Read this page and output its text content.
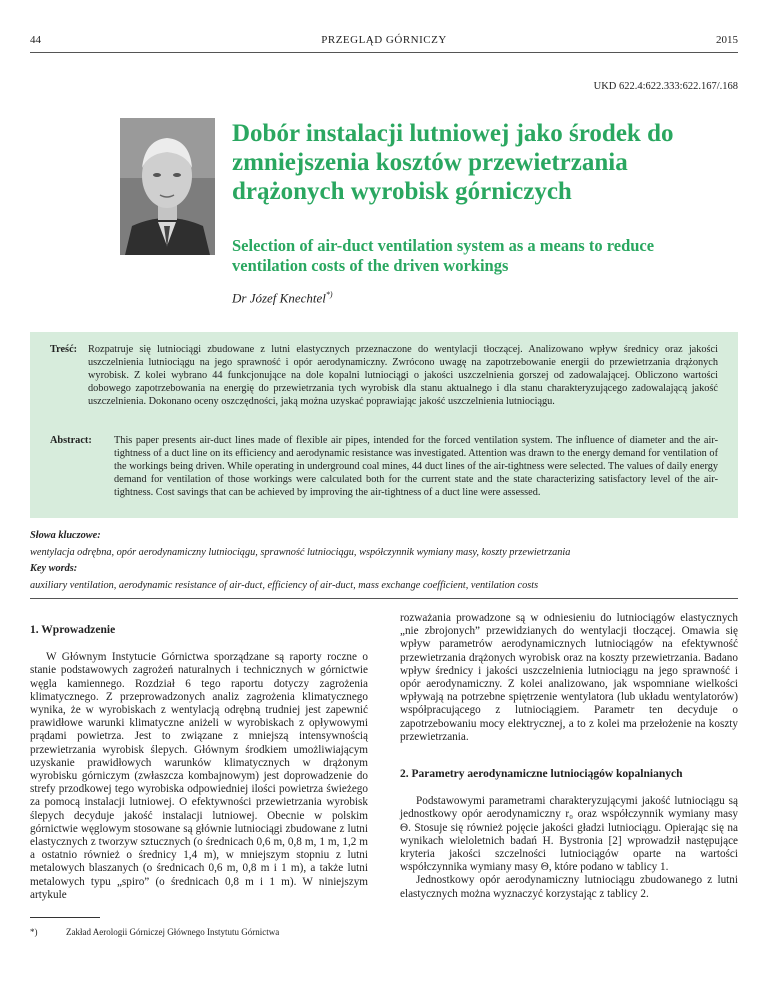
44	PRZEGLĄD GÓRNICZY	2015
UKD 622.4:622.333:622.167/.168
Dobór instalacji lutniowej jako środek do zmniejszenia kosztów przewietrzania drążonych wyrobisk górniczych
Selection of air-duct ventilation system as a means to reduce ventilation costs of the driven workings
Dr Józef Knechtel*)
Treść: Rozpatruje się lutniociągi zbudowane z lutni elastycznych przeznaczone do wentylacji tłoczącej. Analizowano wpływ średnicy oraz jakości uszczelnienia lutniociągu na jego sprawność i opór aerodynamiczny. Zwrócono uwagę na zapotrzebowanie energii do przewietrzania drążonych wyrobisk. Z kolei wybrano 44 funkcjonujące na dole kopalni lutniociągi o jakości uszczelnienia gorszej od zadowalającej. Obliczono wartości dobowego zapotrzebowania na energię do przewietrzania tych wyrobisk dla stanu aktualnego i dla stanu charakteryzującego zadowalającą jakość uszczelnienia. Dokonano oceny oszczędności, jaką można uzyskać poprawiając jakość uszczelnienia lutniociągu.
Abstract: This paper presents air-duct lines made of flexible air pipes, intended for the forced ventilation system. The influence of diameter and the air-tightness of a duct line on its efficiency and aerodynamic resistance was investigated. Attention was drawn to the energy demand for ventilation of the workings being driven. While operating in underground coal mines, 44 duct lines of the air-tightness were selected. The values of daily energy demand for ventilation of those workings were calculated both for the current state and the state characterizing satisfactory level of the air-tightness. Cost savings that can be achieved by improving the air-tightness of a duct line were assessed.
Słowa kluczowe:
wentylacja odrębna, opór aerodynamiczny lutniociągu, sprawność lutniociągu, współczynnik wymiany masy, koszty przewietrzania
Key words:
auxiliary ventilation, aerodynamic resistance of air-duct, efficiency of air-duct, mass exchange coefficient, ventilation costs
1. Wprowadzenie

W Głównym Instytucie Górnictwa sporządzane są raporty roczne o stanie podstawowych zagrożeń naturalnych i technicznych w górnictwie węgla kamiennego. Rozdział 6 tego raportu dotyczy zagrożenia klimatycznego. Z przeprowadzonych analiz zagrożenia klimatycznego wynika, że w wyrobiskach z wentylacją odrębną trudniej jest zapewnić prawidłowe warunki klimatyczne aniżeli w wyrobiskach z opływowymi prądami powietrza. Jest to związane z mniejszą intensywnością przewietrzania wyrobisk ślepych. Głównym środkiem umożliwiającym uzyskanie prawidłowych warunków klimatycznych w drążonym wyrobisku górniczym (zwłaszcza kombajnowym) jest doprowadzenie do strefy przodkowej tego wyrobiska odpowiedniej ilości powietrza świeżego za pomocą instalacji lutniowej. O efektywności przewietrzania wyrobisk ślepych decyduje jakość instalacji lutniowej. Obecnie w polskim górnictwie węglowym stosowane są głównie lutniociągi zbudowane z lutni elastycznych z tworzyw sztucznych (o średnicach 0,6 m, 0,8 m, 1 m, 1,2 m a ostatnio również o średnicy 1,4 m), w mniejszym stopniu z lutni metalowych blaszanych (o średnicach 0,6 m, 0,8 m i 1 m), a także lutni metalowych typu „spiro” (o średnicach 0,8 m i 1 m). W niniejszym artykule

rozważania prowadzone są w odniesieniu do lutniociągów elastycznych „nie zbrojonych” przewidzianych do wentylacji tłoczącej. Omawia się wpływ parametrów aerodynamicznych lutniociągów na efektywność przewietrzania drążonych wyrobisk oraz na koszty przewietrzania. Badano wpływ średnicy i jakości uszczelnienia lutniociągu na jego sprawność i opór aerodynamiczny. Z kolei analizowano, jak wspomniane wielkości wpływają na potrzebne spiętrzenie wentylatora (lub układu wentylatorów) współpracującego z lutniociągiem. Parametr ten decyduje o zapotrzebowaniu mocy elektrycznej, a to z kolei ma przełożenie na koszty przewietrzania.

2. Parametry aerodynamiczne lutniociągów kopalnianych

Podstawowymi parametrami charakteryzującymi jakość lutniociągu są jednostkowy opór aerodynamiczny r₀ oraz współczynnik wymiany masy Θ. Stosuje się również pojęcie jakości gładzi lutniociągu. Opierając się na wynikach wieloletnich badań H. Bystronia [2] wprowadził następujące kryteria jakości szczelności lutniociągów oparte na wartości współczynnika wymiany masy Θ, które podano w tablicy 1.

Jednostkowy opór aerodynamiczny lutniociągu zbudowanego z lutni elastycznych można wyznaczyć korzystając z tablicy 2.

*)	Zakład Aerologii Górniczej Głównego Instytutu Górnictwa
